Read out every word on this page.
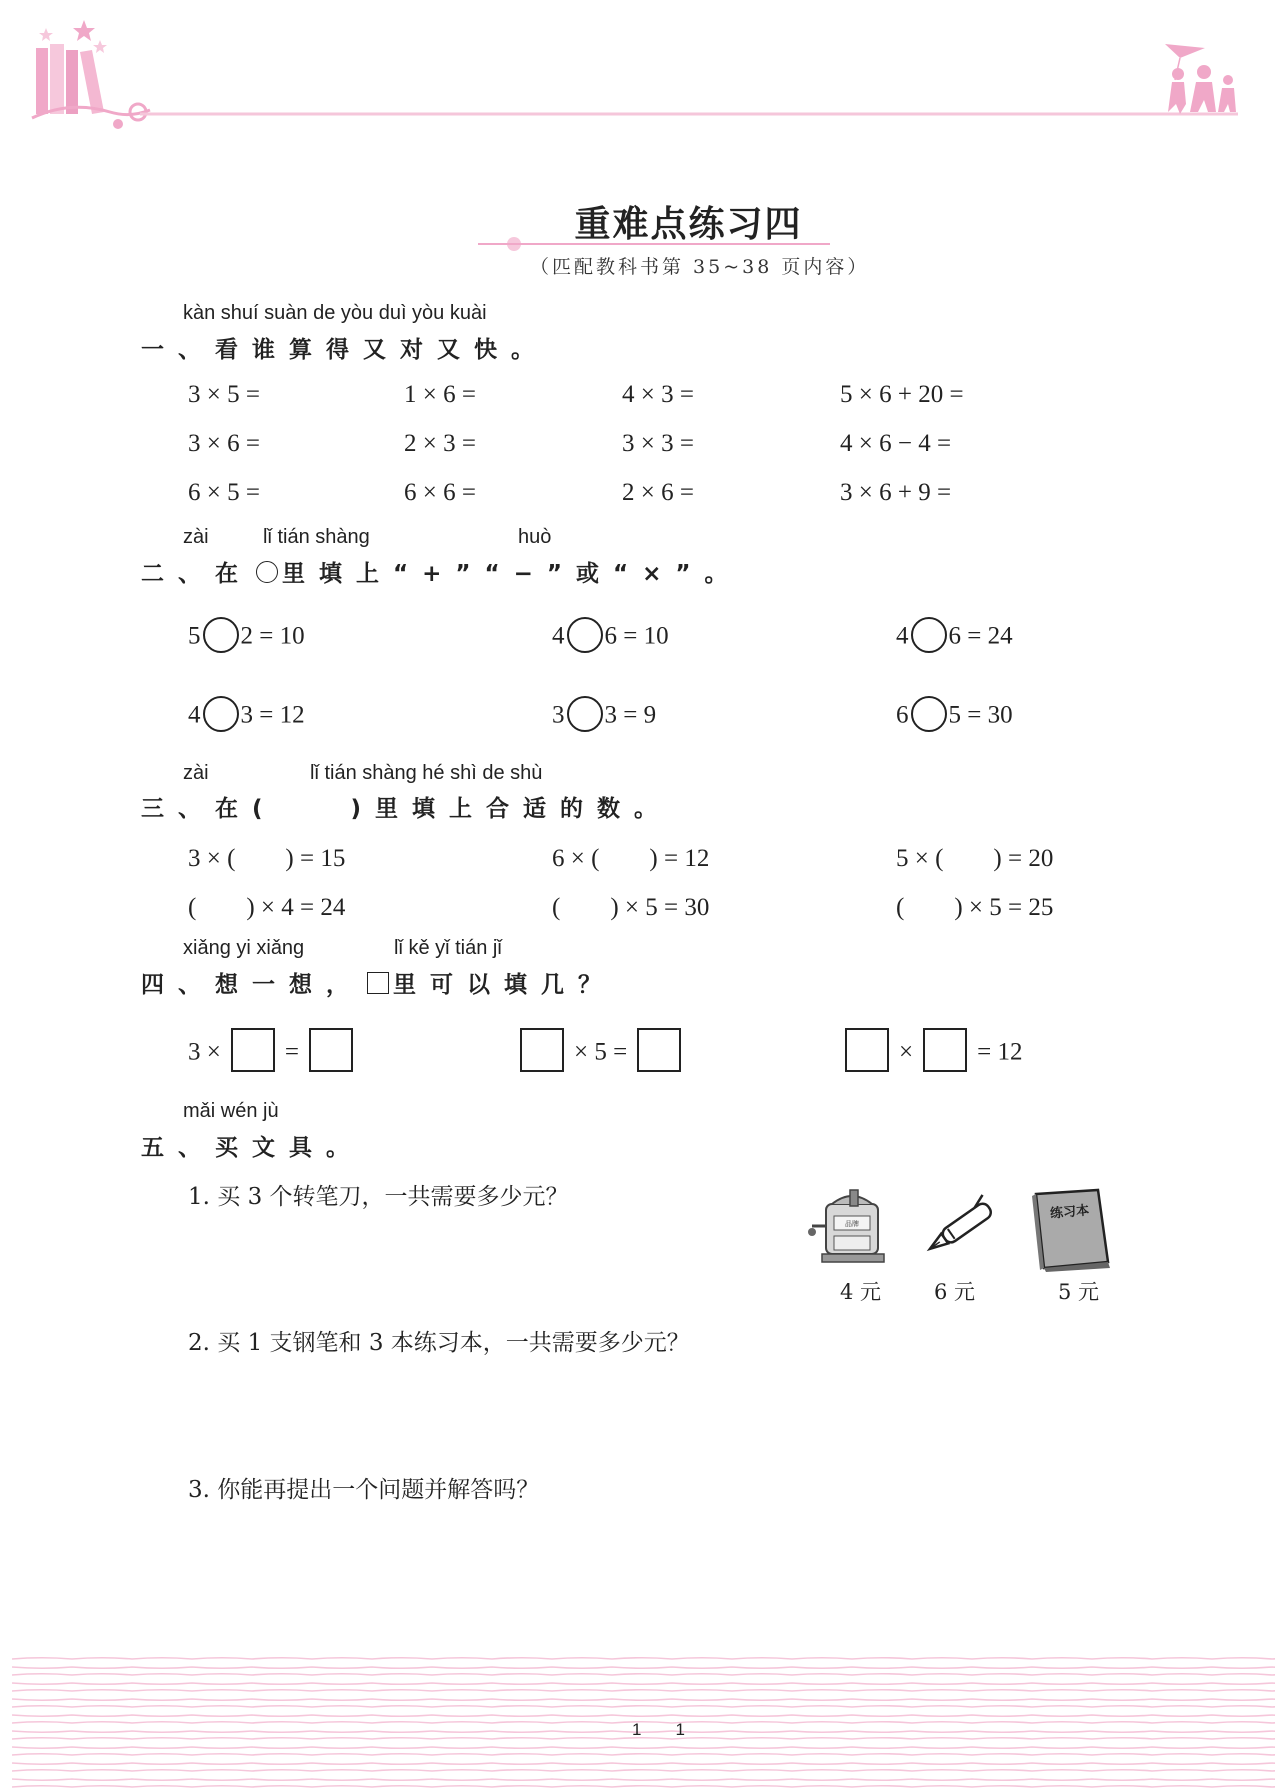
重难点练习四
（匹配教科书第 35~38 页内容）
kàn shuí suàn de yòu duì yòu kuài
一、看谁算得又对又快。
3 × 5 =	1 × 6 =	4 × 3 =	5 × 6 + 20 =
3 × 6 =	2 × 3 =	3 × 3 =	4 × 6 − 4 =
6 × 5 =	6 × 6 =	2 × 6 =	3 × 6 + 9 =
zài	lǐ tián shàng	huò
二、在 里填上“+”“−”或“×”。
5 2 = 10	4 6 = 10	4 6 = 24
4 3 = 12	3 3 = 9	6 5 = 30
zài	lǐ tián shàng hé shì de shù
三、在(　　)里填上合适的数。
3 × (　　) = 15	6 × (　　) = 12	5 × (　　) = 20
(　　) × 4 = 24	(　　) × 5 = 30	(　　) × 5 = 25
xiǎng yi xiǎng	lǐ kě yǐ tián jǐ
四、想一想， 里可以填几？
3 ×	=	× 5 =	×	= 12
mǎi wén jù
五、买文具。
1. 买 3 个转笔刀，一共需要多少元？
2. 买 1 支钢笔和 3 本练习本，一共需要多少元？
3. 你能再提出一个问题并解答吗？
品牌
练习本
4 元	6 元	5 元
1　　1
